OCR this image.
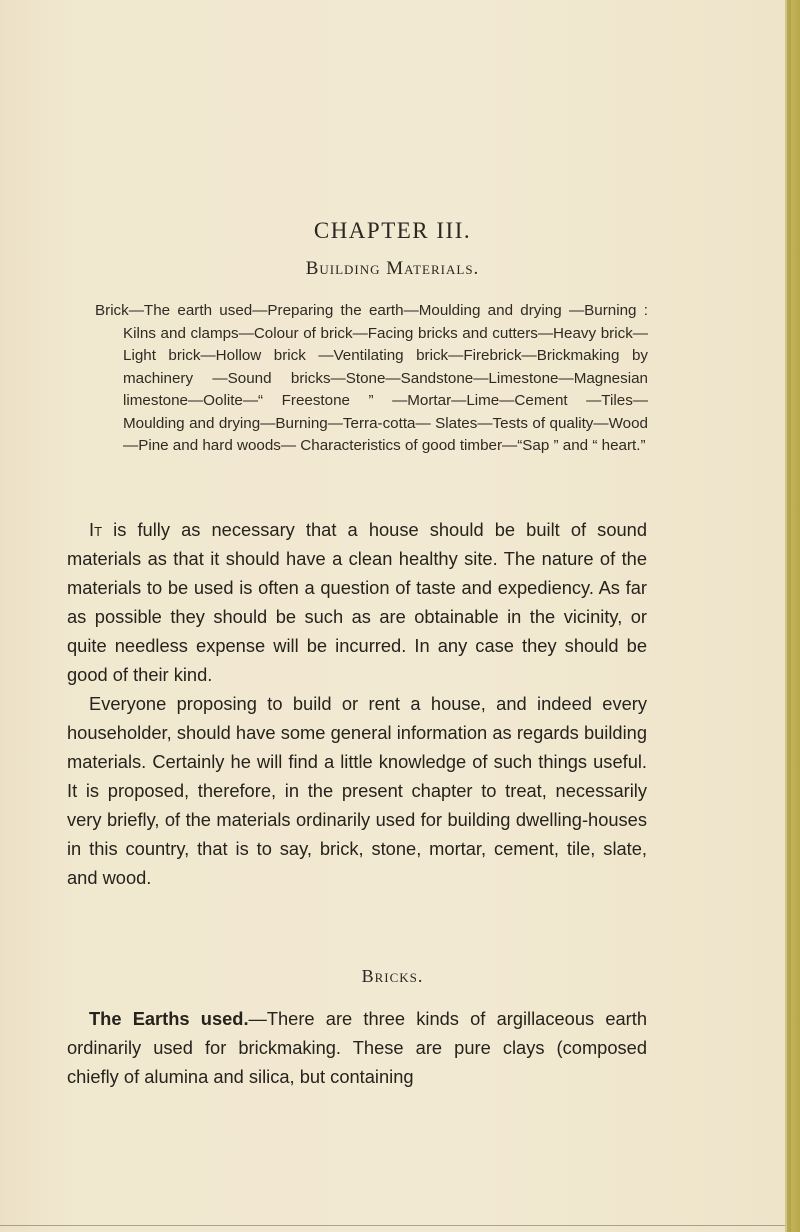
CHAPTER III.
Building Materials.
Brick—The earth used—Preparing the earth—Moulding and drying —Burning : Kilns and clamps—Colour of brick—Facing bricks and cutters—Heavy brick—Light brick—Hollow brick —Ventilating brick—Firebrick—Brickmaking by machinery —Sound bricks—Stone—Sandstone—Limestone—Magnesian limestone—Oolite—“ Freestone ” —Mortar—Lime—Cement —Tiles—Moulding and drying—Burning—Terra-cotta— Slates—Tests of quality—Wood—Pine and hard woods— Characteristics of good timber—“Sap ” and “ heart.”

It is fully as necessary that a house should be built of sound materials as that it should have a clean healthy site. The nature of the materials to be used is often a question of taste and expediency. As far as possible they should be such as are obtainable in the vicinity, or quite needless expense will be incurred. In any case they should be good of their kind.

Everyone proposing to build or rent a house, and indeed every householder, should have some general information as regards building materials. Certainly he will find a little knowledge of such things useful. It is proposed, therefore, in the present chapter to treat, necessarily very briefly, of the materials ordinarily used for building dwelling-houses in this country, that is to say, brick, stone, mortar, cement, tile, slate, and wood.

Bricks.

The Earths used.—There are three kinds of argillaceous earth ordinarily used for brickmaking. These are pure clays (composed chiefly of alumina and silica, but containing
